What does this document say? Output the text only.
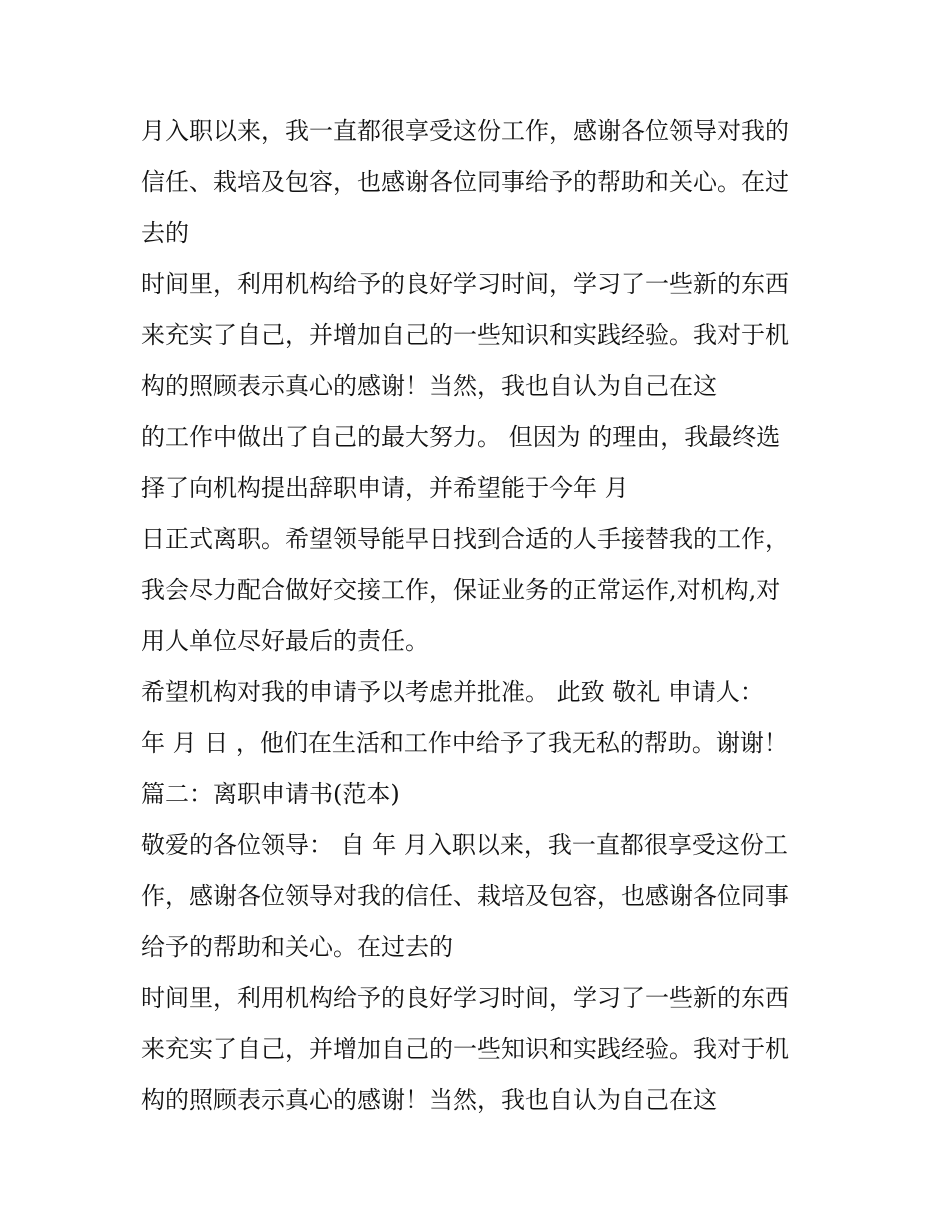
月入职以来，我一直都很享受这份工作，感谢各位领导对我的
信任、栽培及包容，也感谢各位同事给予的帮助和关心。在过
去的
时间里，利用机构给予的良好学习时间，学习了一些新的东西
来充实了自己，并增加自己的一些知识和实践经验。我对于机
构的照顾表示真心的感谢！当然，我也自认为自己在这
的工作中做出了自己的最大努力。 但因为 的理由，我最终选
择了向机构提出辞职申请，并希望能于今年 月
日正式离职。希望领导能早日找到合适的人手接替我的工作，
我会尽力配合做好交接工作，保证业务的正常运作,对机构,对
用人单位尽好最后的责任。
希望机构对我的申请予以考虑并批准。 此致 敬礼 申请人：
年 月 日 ，他们在生活和工作中给予了我无私的帮助。谢谢！
篇二：离职申请书(范本)
敬爱的各位领导： 自 年 月入职以来，我一直都很享受这份工
作，感谢各位领导对我的信任、栽培及包容，也感谢各位同事
给予的帮助和关心。在过去的
时间里，利用机构给予的良好学习时间，学习了一些新的东西
来充实了自己，并增加自己的一些知识和实践经验。我对于机
构的照顾表示真心的感谢！当然，我也自认为自己在这
